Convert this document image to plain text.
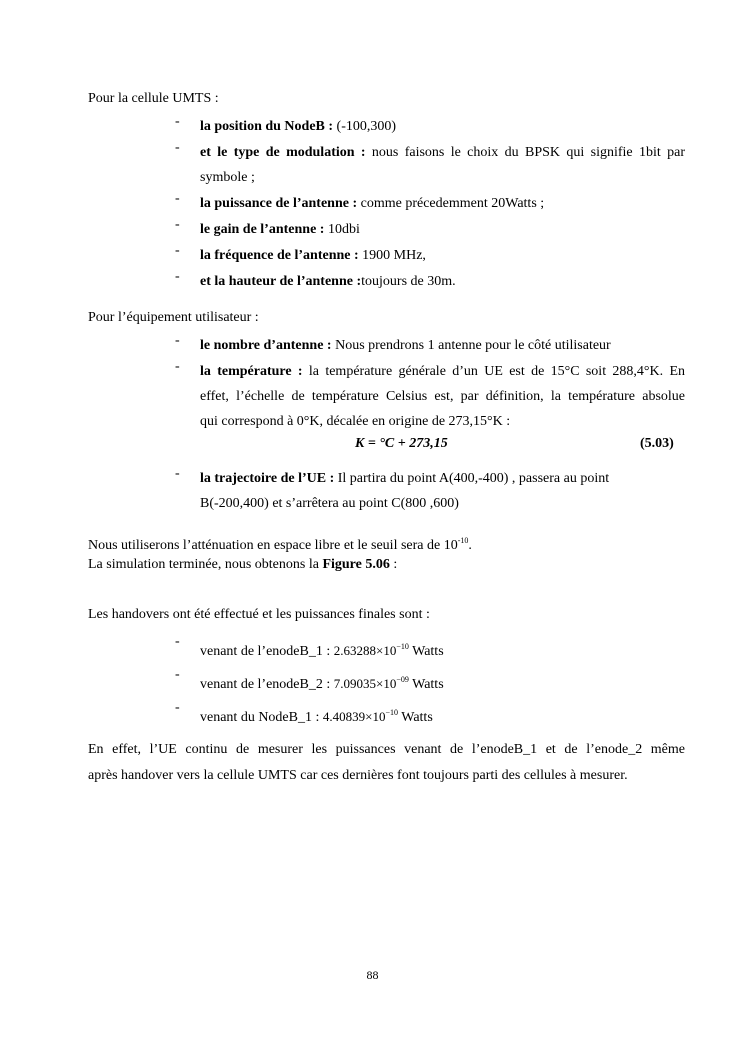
Pour la cellule UMTS :
-	la position du NodeB : (-100,300)
-	et le type de modulation : nous faisons le choix du BPSK qui signifie 1bit par
symbole ;
-	la puissance de l’antenne : comme précedemment 20Watts ;
-	le gain de l’antenne : 10dbi
-	la fréquence de l’antenne : 1900 MHz,
-	et la hauteur de l’antenne :toujours de 30m.
Pour l’équipement utilisateur :
-	le nombre d’antenne : Nous prendrons 1 antenne pour le côté utilisateur
-	la température : la température générale d’un UE est de 15°C soit 288,4°K. En
effet, l’échelle de température Celsius est, par définition, la température absolue
qui correspond à 0°K, décalée en origine de 273,15°K :
K = °C + 273,15	(5.03)
-	la trajectoire de l’UE : Il partira du point A(400,-400) , passera au point
B(-200,400) et s’arrêtera au point C(800 ,600)
Nous utiliserons l’atténuation en espace libre et le seuil sera de $10^{-10}$.
La simulation terminée, nous obtenons la Figure 5.06 :
Les handovers ont été effectué et les puissances finales sont :
-
venant de l’enodeB_1 : $2.63288\times 10^{-10}$ Watts
-
venant de l’enodeB_2 : $7.09035\times 10^{-09}$ Watts
-
venant du NodeB_1 : $4.40839\times 10^{-10}$ Watts
En effet, l’UE continu de mesurer les puissances venant de l’enodeB_1 et de l’enode_2 même
après handover vers la cellule UMTS car ces dernières font toujours parti des cellules à mesurer.
88
